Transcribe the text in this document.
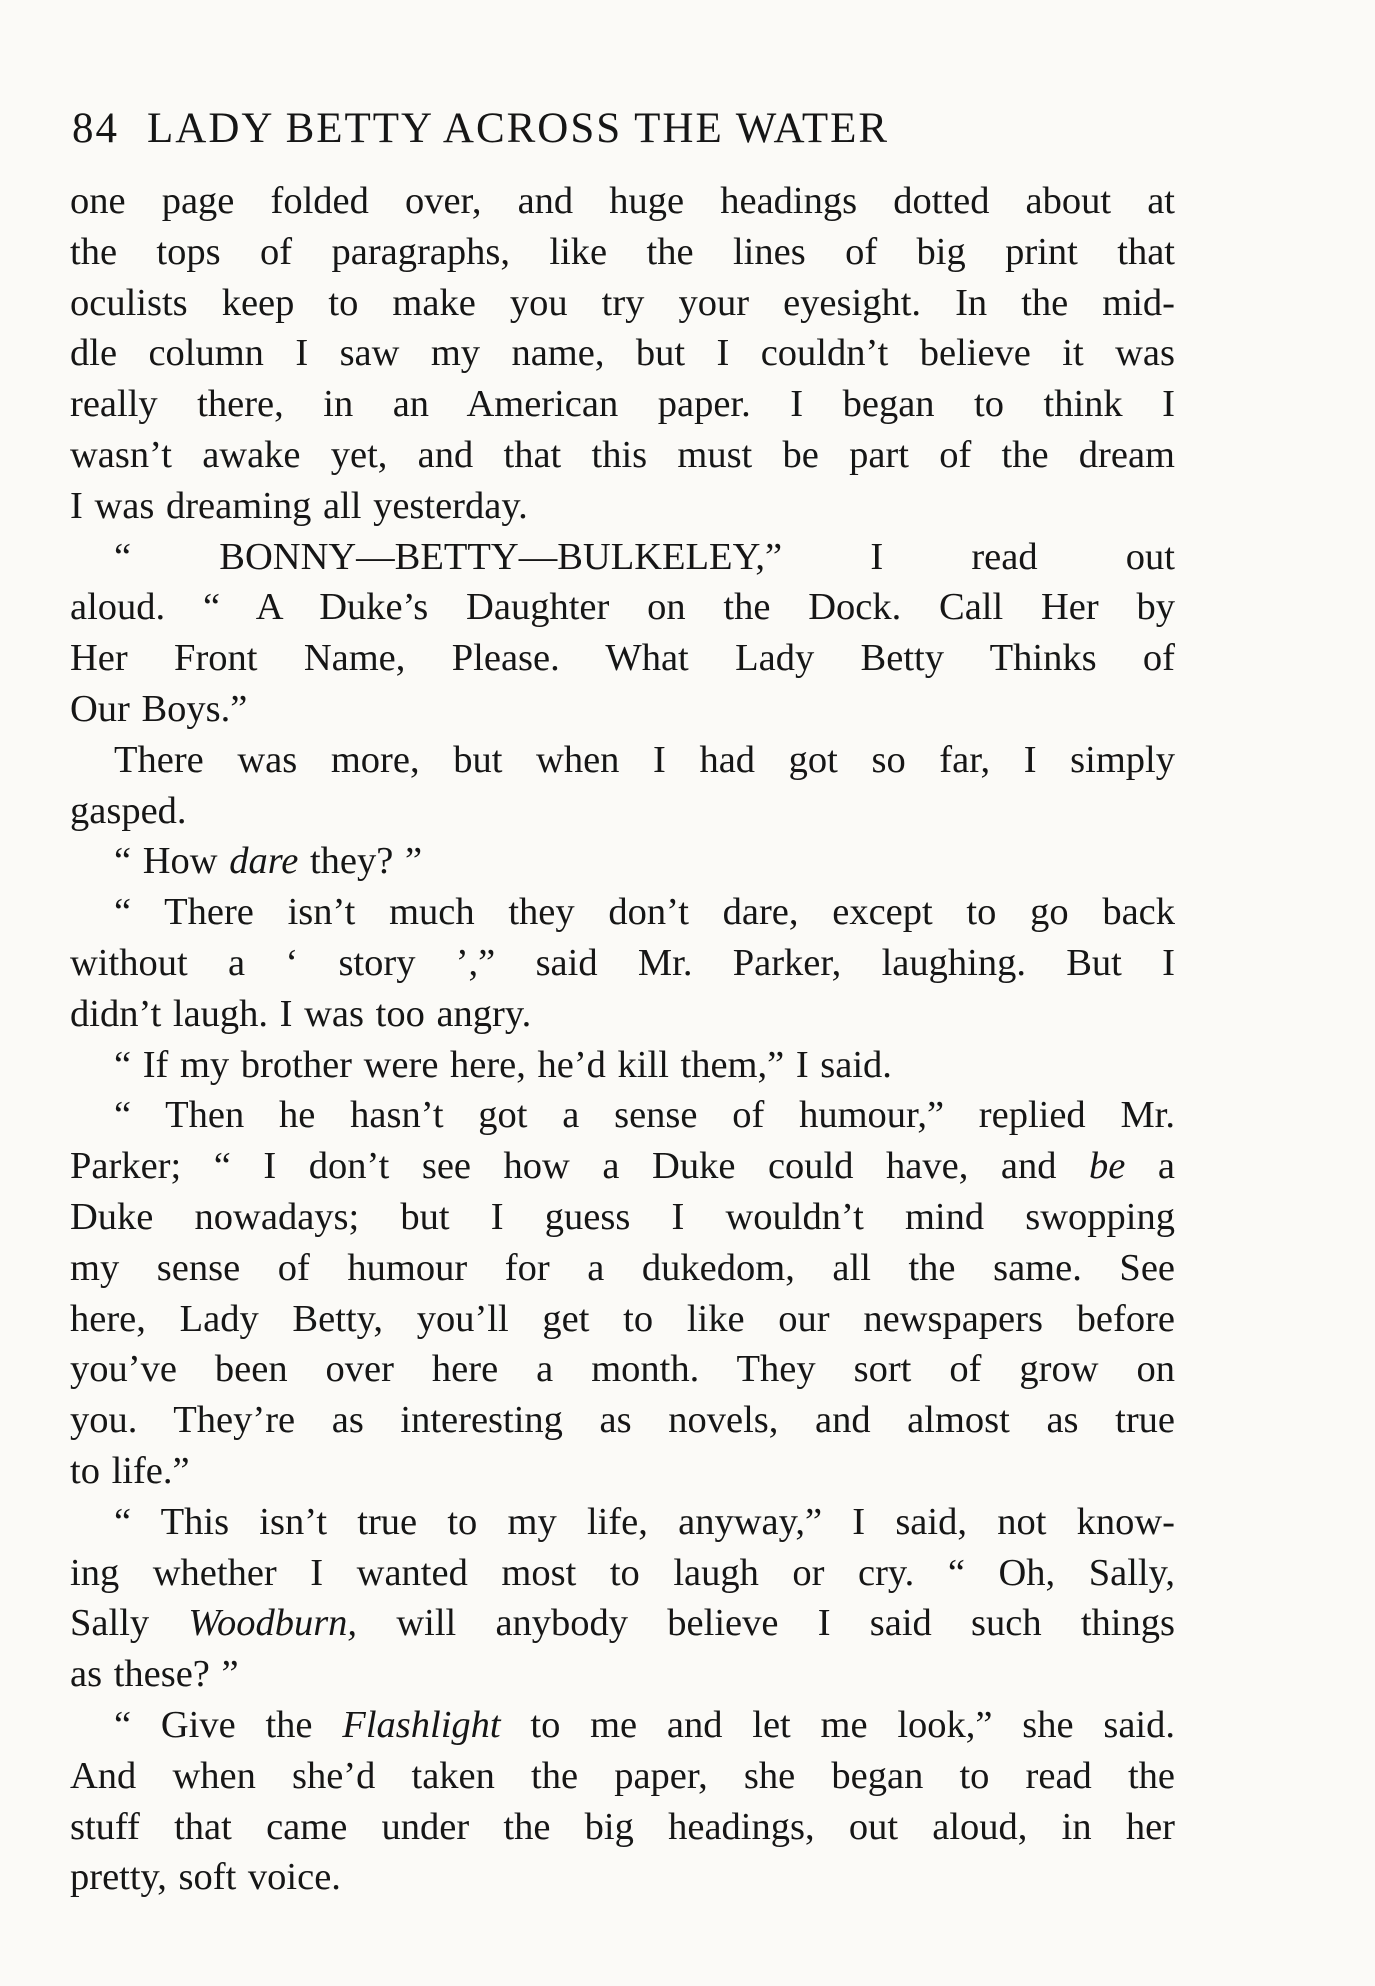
84 LADY BETTY ACROSS THE WATER
one page folded over, and huge headings dotted about at
the tops of paragraphs, like the lines of big print that
oculists keep to make you try your eyesight. In the mid-
dle column I saw my name, but I couldn’t believe it was
really there, in an American paper. I began to think I
wasn’t awake yet, and that this must be part of the dream
I was dreaming all yesterday.
“ BONNY—BETTY—BULKELEY,” I read out
aloud. “ A Duke’s Daughter on the Dock. Call Her by
Her Front Name, Please. What Lady Betty Thinks of
Our Boys.”
There was more, but when I had got so far, I simply
gasped.
“ How dare they? ”
“ There isn’t much they don’t dare, except to go back
without a ‘ story ’,” said Mr. Parker, laughing. But I
didn’t laugh. I was too angry.
“ If my brother were here, he’d kill them,” I said.
“ Then he hasn’t got a sense of humour,” replied Mr.
Parker; “ I don’t see how a Duke could have, and be a
Duke nowadays; but I guess I wouldn’t mind swopping
my sense of humour for a dukedom, all the same. See
here, Lady Betty, you’ll get to like our newspapers before
you’ve been over here a month. They sort of grow on
you. They’re as interesting as novels, and almost as true
to life.”
“ This isn’t true to my life, anyway,” I said, not know-
ing whether I wanted most to laugh or cry. “ Oh, Sally,
Sally Woodburn, will anybody believe I said such things
as these? ”
“ Give the Flashlight to me and let me look,” she said.
And when she’d taken the paper, she began to read the
stuff that came under the big headings, out aloud, in her
pretty, soft voice.
